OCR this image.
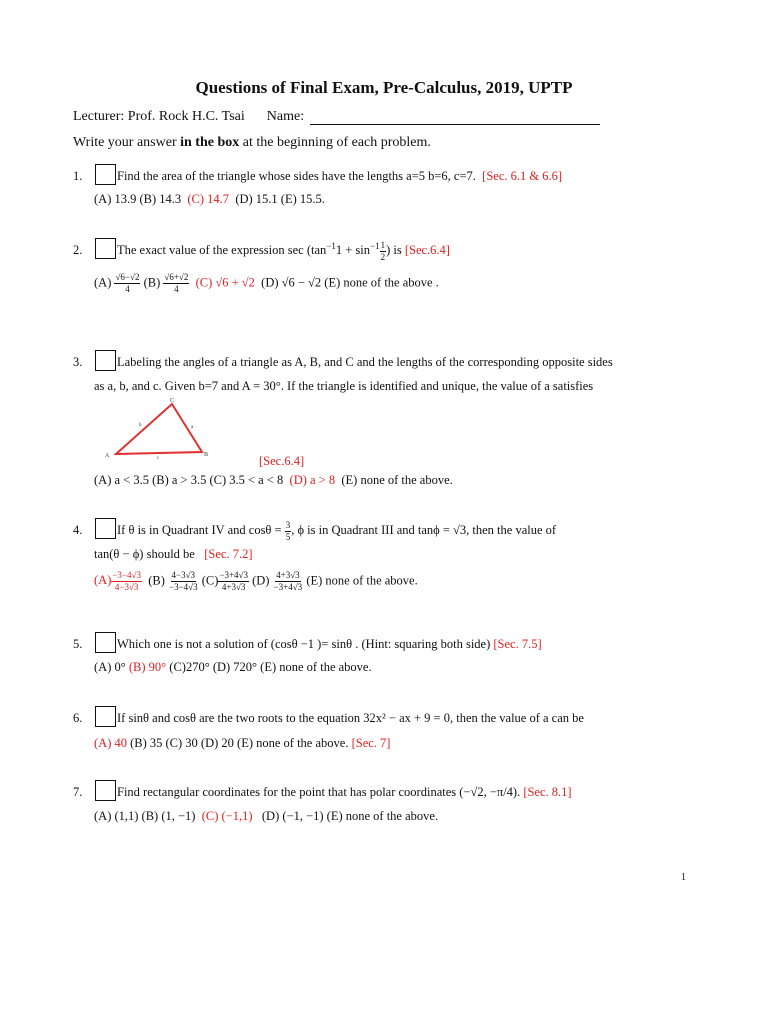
Questions of Final Exam, Pre-Calculus, 2019, UPTP
Lecturer: Prof. Rock H.C. Tsai Name:
Write your answer in the box at the beginning of each problem.
1.	Find the area of the triangle whose sides have the lengths a=5 b=6, c=7. [Sec. 6.1 & 6.6]
(A) 13.9 (B) 14.3 (C) 14.7 (D) 15.1 (E) 15.5.
2.	The exact value of the expression $\sec (\tan^{-1}1 + \sin^{-1} \frac{1}{2}$ ) is [Sec.6.4]
$(A) \frac{√6-√2}{4} (B) \frac{√6+√2}{4} (C) √6 + √2$ (D) √6 − √2 (E) none of the above .
3.	Labeling the angles of a triangle as A, B, and C and the lengths of the corresponding opposite sides
as a, b, and c. Given b=7 and A = 30°. If the triangle is identified and unique, the value of a satisfies
A	B
C
a
b
c	[Sec.6.4]
(A) a < 3.5 (B) a > 3.5 (C) 3.5 < a < 8 (D) a > 8 (E) none of the above.
4.	If θ is in Quadrant IV and $\cos\theta = \frac{3}{5}$ , ϕ is in Quadrant III and tanϕ = √3, then the value of
tan(θ − ϕ) should be [Sec. 7.2]
$(A) \frac{-3-4√3}{4-3√3} (B) \frac{4-3√3}{-3-4√3} (C) \frac{-3+4√3}{4+3√3} (D) \frac{4+3√3}{-3+4√3} (E)$ none of the above.
5.	Which one is not a solution of (cosθ −1 )= sinθ . (Hint: squaring both side) [Sec. 7.5]
(A) 0° (B) 90° (C)270° (D) 720° (E) none of the above.
6.	If sinθ and cosθ are the two roots to the equation 32x² − ax + 9 = 0, then the value of a can be
(A) 40 (B) 35 (C) 30 (D) 20 (E) none of the above. [Sec. 7]
7.	Find rectangular coordinates for the point that has polar coordinates (−√2, −π/4). [Sec. 8.1]
(A) (1,1) (B) (1, −1) (C) (−1,1) (D) (−1, −1) (E) none of the above.
1
